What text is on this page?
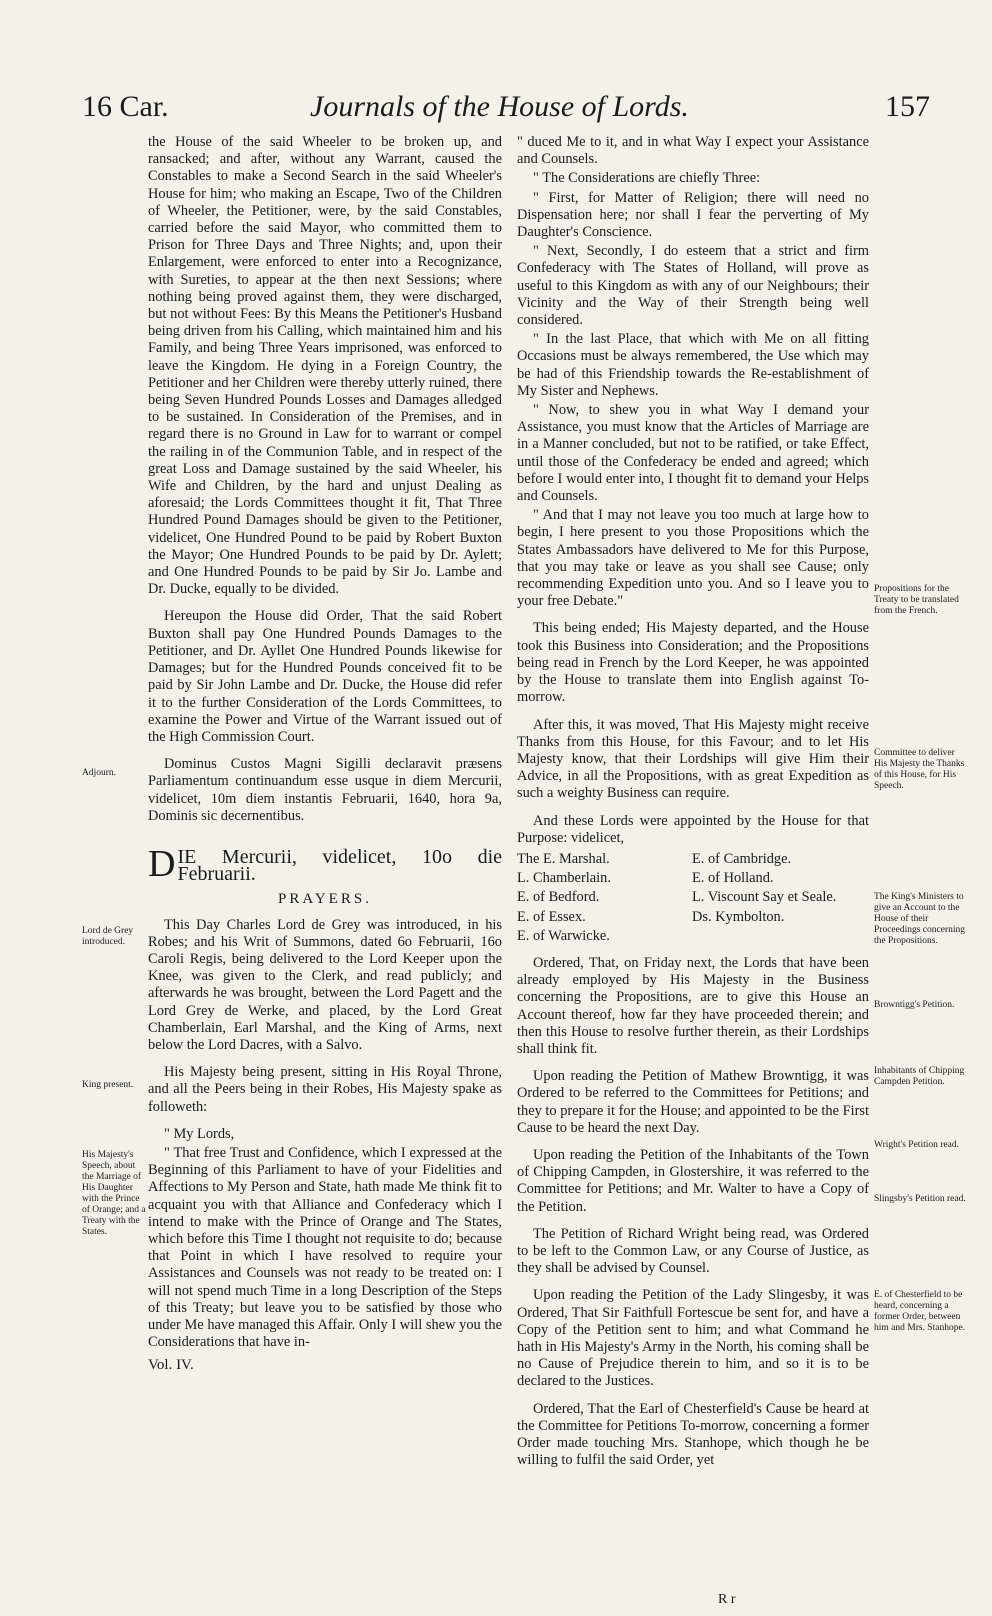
16 Car.	Journals of the House of Lords.	157
Adjourn.
Lord de Grey introduced.
King present.
His Majesty's Speech, about the Marriage of His Daughter with the Prince of Orange; and a Treaty with the States.
Propositions for the Treaty to be translated from the French.
Committee to deliver His Majesty the Thanks of this House, for His Speech.
The King's Ministers to give an Account to the House of their Proceedings concerning the Propositions.
Browntigg's Petition.
Inhabitants of Chipping Campden Petition.
Wright's Petition read.
Slingsby's Petition read.
E. of Chesterfield to be heard, concerning a former Order, between him and Mrs. Stanhope.

the House of the said Wheeler to be broken up, and ransacked; and after, without any Warrant, caused the Constables to make a Second Search in the said Wheeler's House for him; who making an Escape, Two of the Children of Wheeler, the Petitioner, were, by the said Constables, carried before the said Mayor, who committed them to Prison for Three Days and Three Nights; and, upon their Enlargement, were enforced to enter into a Recognizance, with Sureties, to appear at the then next Sessions; where nothing being proved against them, they were discharged, but not without Fees: By this Means the Petitioner's Husband being driven from his Calling, which maintained him and his Family, and being Three Years imprisoned, was enforced to leave the Kingdom. He dying in a Foreign Country, the Petitioner and her Children were thereby utterly ruined, there being Seven Hundred Pounds Losses and Damages alledged to be sustained. In Consideration of the Premises, and in regard there is no Ground in Law for to warrant or compel the railing in of the Communion Table, and in respect of the great Loss and Damage sustained by the said Wheeler, his Wife and Children, by the hard and unjust Dealing as aforesaid; the Lords Committees thought it fit, That Three Hundred Pound Damages should be given to the Petitioner, videlicet, One Hundred Pound to be paid by Robert Buxton the Mayor; One Hundred Pounds to be paid by Dr. Aylett; and One Hundred Pounds to be paid by Sir Jo. Lambe and Dr. Ducke, equally to be divided.

Hereupon the House did Order, That the said Robert Buxton shall pay One Hundred Pounds Damages to the Petitioner, and Dr. Ayllet One Hundred Pounds likewise for Damages; but for the Hundred Pounds conceived fit to be paid by Sir John Lambe and Dr. Ducke, the House did refer it to the further Consideration of the Lords Committees, to examine the Power and Virtue of the Warrant issued out of the High Commission Court.

Dominus Custos Magni Sigilli declaravit præsens Parliamentum continuandum esse usque in diem Mercurii, videlicet, 10m diem instantis Februarii, 1640, hora 9a, Dominis sic decernentibus.

DIE Mercurii, videlicet, 10o die Februarii.
PRAYERS.

This Day Charles Lord de Grey was introduced, in his Robes; and his Writ of Summons, dated 6o Februarii, 16o Caroli Regis, being delivered to the Lord Keeper upon the Knee, was given to the Clerk, and read publicly; and afterwards he was brought, between the Lord Pagett and the Lord Grey de Werke, and placed, by the Lord Great Chamberlain, Earl Marshal, and the King of Arms, next below the Lord Dacres, with a Salvo.

His Majesty being present, sitting in His Royal Throne, and all the Peers being in their Robes, His Majesty spake as followeth:

" My Lords,

" That free Trust and Confidence, which I expressed at the Beginning of this Parliament to have of your Fidelities and Affections to My Person and State, hath made Me think fit to acquaint you with that Alliance and Confederacy which I intend to make with the Prince of Orange and The States, which before this Time I thought not requisite to do; because that Point in which I have resolved to require your Assistances and Counsels was not ready to be treated on: I will not spend much Time in a long Description of the Steps of this Treaty; but leave you to be satisfied by those who under Me have managed this Affair. Only I will shew you the Considerations that have in-

Vol. IV.

" duced Me to it, and in what Way I expect your Assistance and Counsels.

" The Considerations are chiefly Three:

" First, for Matter of Religion; there will need no Dispensation here; nor shall I fear the perverting of My Daughter's Conscience.

" Next, Secondly, I do esteem that a strict and firm Confederacy with The States of Holland, will prove as useful to this Kingdom as with any of our Neighbours; their Vicinity and the Way of their Strength being well considered.

" In the last Place, that which with Me on all fitting Occasions must be always remembered, the Use which may be had of this Friendship towards the Re-establishment of My Sister and Nephews.

" Now, to shew you in what Way I demand your Assistance, you must know that the Articles of Marriage are in a Manner concluded, but not to be ratified, or take Effect, until those of the Confederacy be ended and agreed; which before I would enter into, I thought fit to demand your Helps and Counsels.

" And that I may not leave you too much at large how to begin, I here present to you those Propositions which the States Ambassadors have delivered to Me for this Purpose, that you may take or leave as you shall see Cause; only recommending Expedition unto you. And so I leave you to your free Debate."

This being ended; His Majesty departed, and the House took this Business into Consideration; and the Propositions being read in French by the Lord Keeper, he was appointed by the House to translate them into English against To-morrow.

After this, it was moved, That His Majesty might receive Thanks from this House, for this Favour; and to let His Majesty know, that their Lordships will give Him their Advice, in all the Propositions, with as great Expedition as such a weighty Business can require.

And these Lords were appointed by the House for that Purpose: videlicet,

The E. Marshal.	E. of Cambridge.
L. Chamberlain.	E. of Holland.
E. of Bedford.	L. Viscount Say et Seale.
E. of Essex.	Ds. Kymbolton.
E. of Warwicke.

Ordered, That, on Friday next, the Lords that have been already employed by His Majesty in the Business concerning the Propositions, are to give this House an Account thereof, how far they have proceeded therein; and then this House to resolve further therein, as their Lordships shall think fit.

Upon reading the Petition of Mathew Browntigg, it was Ordered to be referred to the Committees for Petitions; and they to prepare it for the House; and appointed to be the First Cause to be heard the next Day.

Upon reading the Petition of the Inhabitants of the Town of Chipping Campden, in Glostershire, it was referred to the Committee for Petitions; and Mr. Walter to have a Copy of the Petition.

The Petition of Richard Wright being read, was Ordered to be left to the Common Law, or any Course of Justice, as they shall be advised by Counsel.

Upon reading the Petition of the Lady Slingesby, it was Ordered, That Sir Faithfull Fortescue be sent for, and have a Copy of the Petition sent to him; and what Command he hath in His Majesty's Army in the North, his coming shall be no Cause of Prejudice therein to him, and so it is to be declared to the Justices.

Ordered, That the Earl of Chesterfield's Cause be heard at the Committee for Petitions To-morrow, concerning a former Order made touching Mrs. Stanhope, which though he be willing to fulfil the said Order, yet

R r
